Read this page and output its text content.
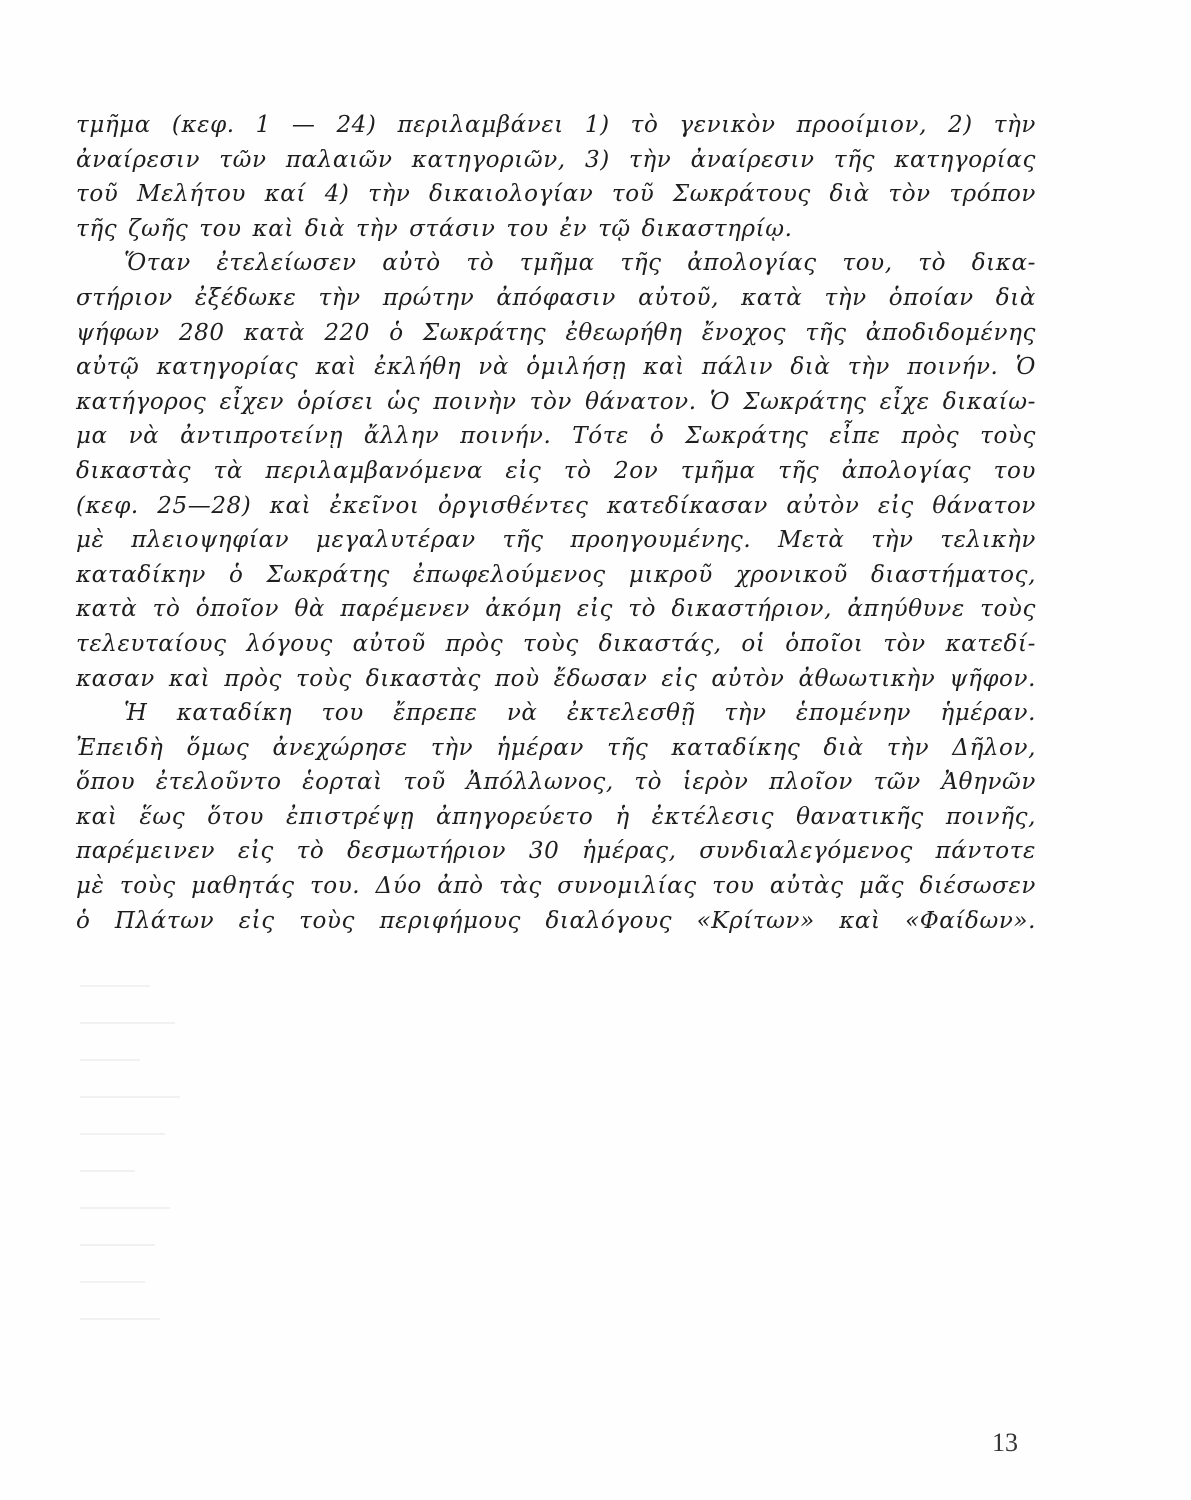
τμῆμα (κεφ. 1 — 24) περιλαμβάνει 1) τὸ γενικὸν προοίμιον, 2) τὴν
ἀναίρεσιν τῶν παλαιῶν κατηγοριῶν, 3) τὴν ἀναίρεσιν τῆς κατηγορίας
τοῦ Μελήτου καί 4) τὴν δικαιολογίαν τοῦ Σωκράτους διὰ τὸν τρόπον
τῆς ζωῆς του καὶ διὰ τὴν στάσιν του ἐν τῷ δικαστηρίῳ.
Ὅταν ἐτελείωσεν αὐτὸ τὸ τμῆμα τῆς ἀπολογίας του, τὸ δικα-
στήριον ἐξέδωκε τὴν πρώτην ἀπόφασιν αὐτοῦ, κατὰ τὴν ὁποίαν διὰ
ψήφων 280 κατὰ 220 ὁ Σωκράτης ἐθεωρήθη ἔνοχος τῆς ἀποδιδομένης
αὐτῷ κατηγορίας καὶ ἐκλήθη νὰ ὁμιλήσῃ καὶ πάλιν διὰ τὴν ποινήν. Ὁ
κατήγορος εἶχεν ὁρίσει ὡς ποινὴν τὸν θάνατον. Ὁ Σωκράτης εἶχε δικαίω-
μα νὰ ἀντιπροτείνῃ ἄλλην ποινήν. Τότε ὁ Σωκράτης εἶπε πρὸς τοὺς
δικαστὰς τὰ περιλαμβανόμενα εἰς τὸ 2ον τμῆμα τῆς ἀπολογίας του
(κεφ. 25—28) καὶ ἐκεῖνοι ὀργισθέντες κατεδίκασαν αὐτὸν εἰς θάνατον
μὲ πλειοψηφίαν μεγαλυτέραν τῆς προηγουμένης. Μετὰ τὴν τελικὴν
καταδίκην ὁ Σωκράτης ἐπωφελούμενος μικροῦ χρονικοῦ διαστήματος,
κατὰ τὸ ὁποῖον θὰ παρέμενεν ἀκόμη εἰς τὸ δικαστήριον, ἀπηύθυνε τοὺς
τελευταίους λόγους αὐτοῦ πρὸς τοὺς δικαστάς, οἱ ὁποῖοι τὸν κατεδί-
κασαν καὶ πρὸς τοὺς δικαστὰς ποὺ ἔδωσαν εἰς αὐτὸν ἀθωωτικὴν ψῆφον.
Ἡ καταδίκη του ἔπρεπε νὰ ἐκτελεσθῇ τὴν ἑπομένην ἡμέραν.
Ἐπειδὴ ὅμως ἀνεχώρησε τὴν ἡμέραν τῆς καταδίκης διὰ τὴν Δῆλον,
ὅπου ἐτελοῦντο ἑορταὶ τοῦ Ἀπόλλωνος, τὸ ἱερὸν πλοῖον τῶν Ἀθηνῶν
καὶ ἕως ὅτου ἐπιστρέψῃ ἀπηγορεύετο ἡ ἐκτέλεσις θανατικῆς ποινῆς,
παρέμεινεν εἰς τὸ δεσμωτήριον 30 ἡμέρας, συνδιαλεγόμενος πάντοτε
μὲ τοὺς μαθητάς του. Δύο ἀπὸ τὰς συνομιλίας του αὐτὰς μᾶς διέσωσεν
ὁ Πλάτων εἰς τοὺς περιφήμους διαλόγους «Κρίτων» καὶ «Φαίδων».
13
